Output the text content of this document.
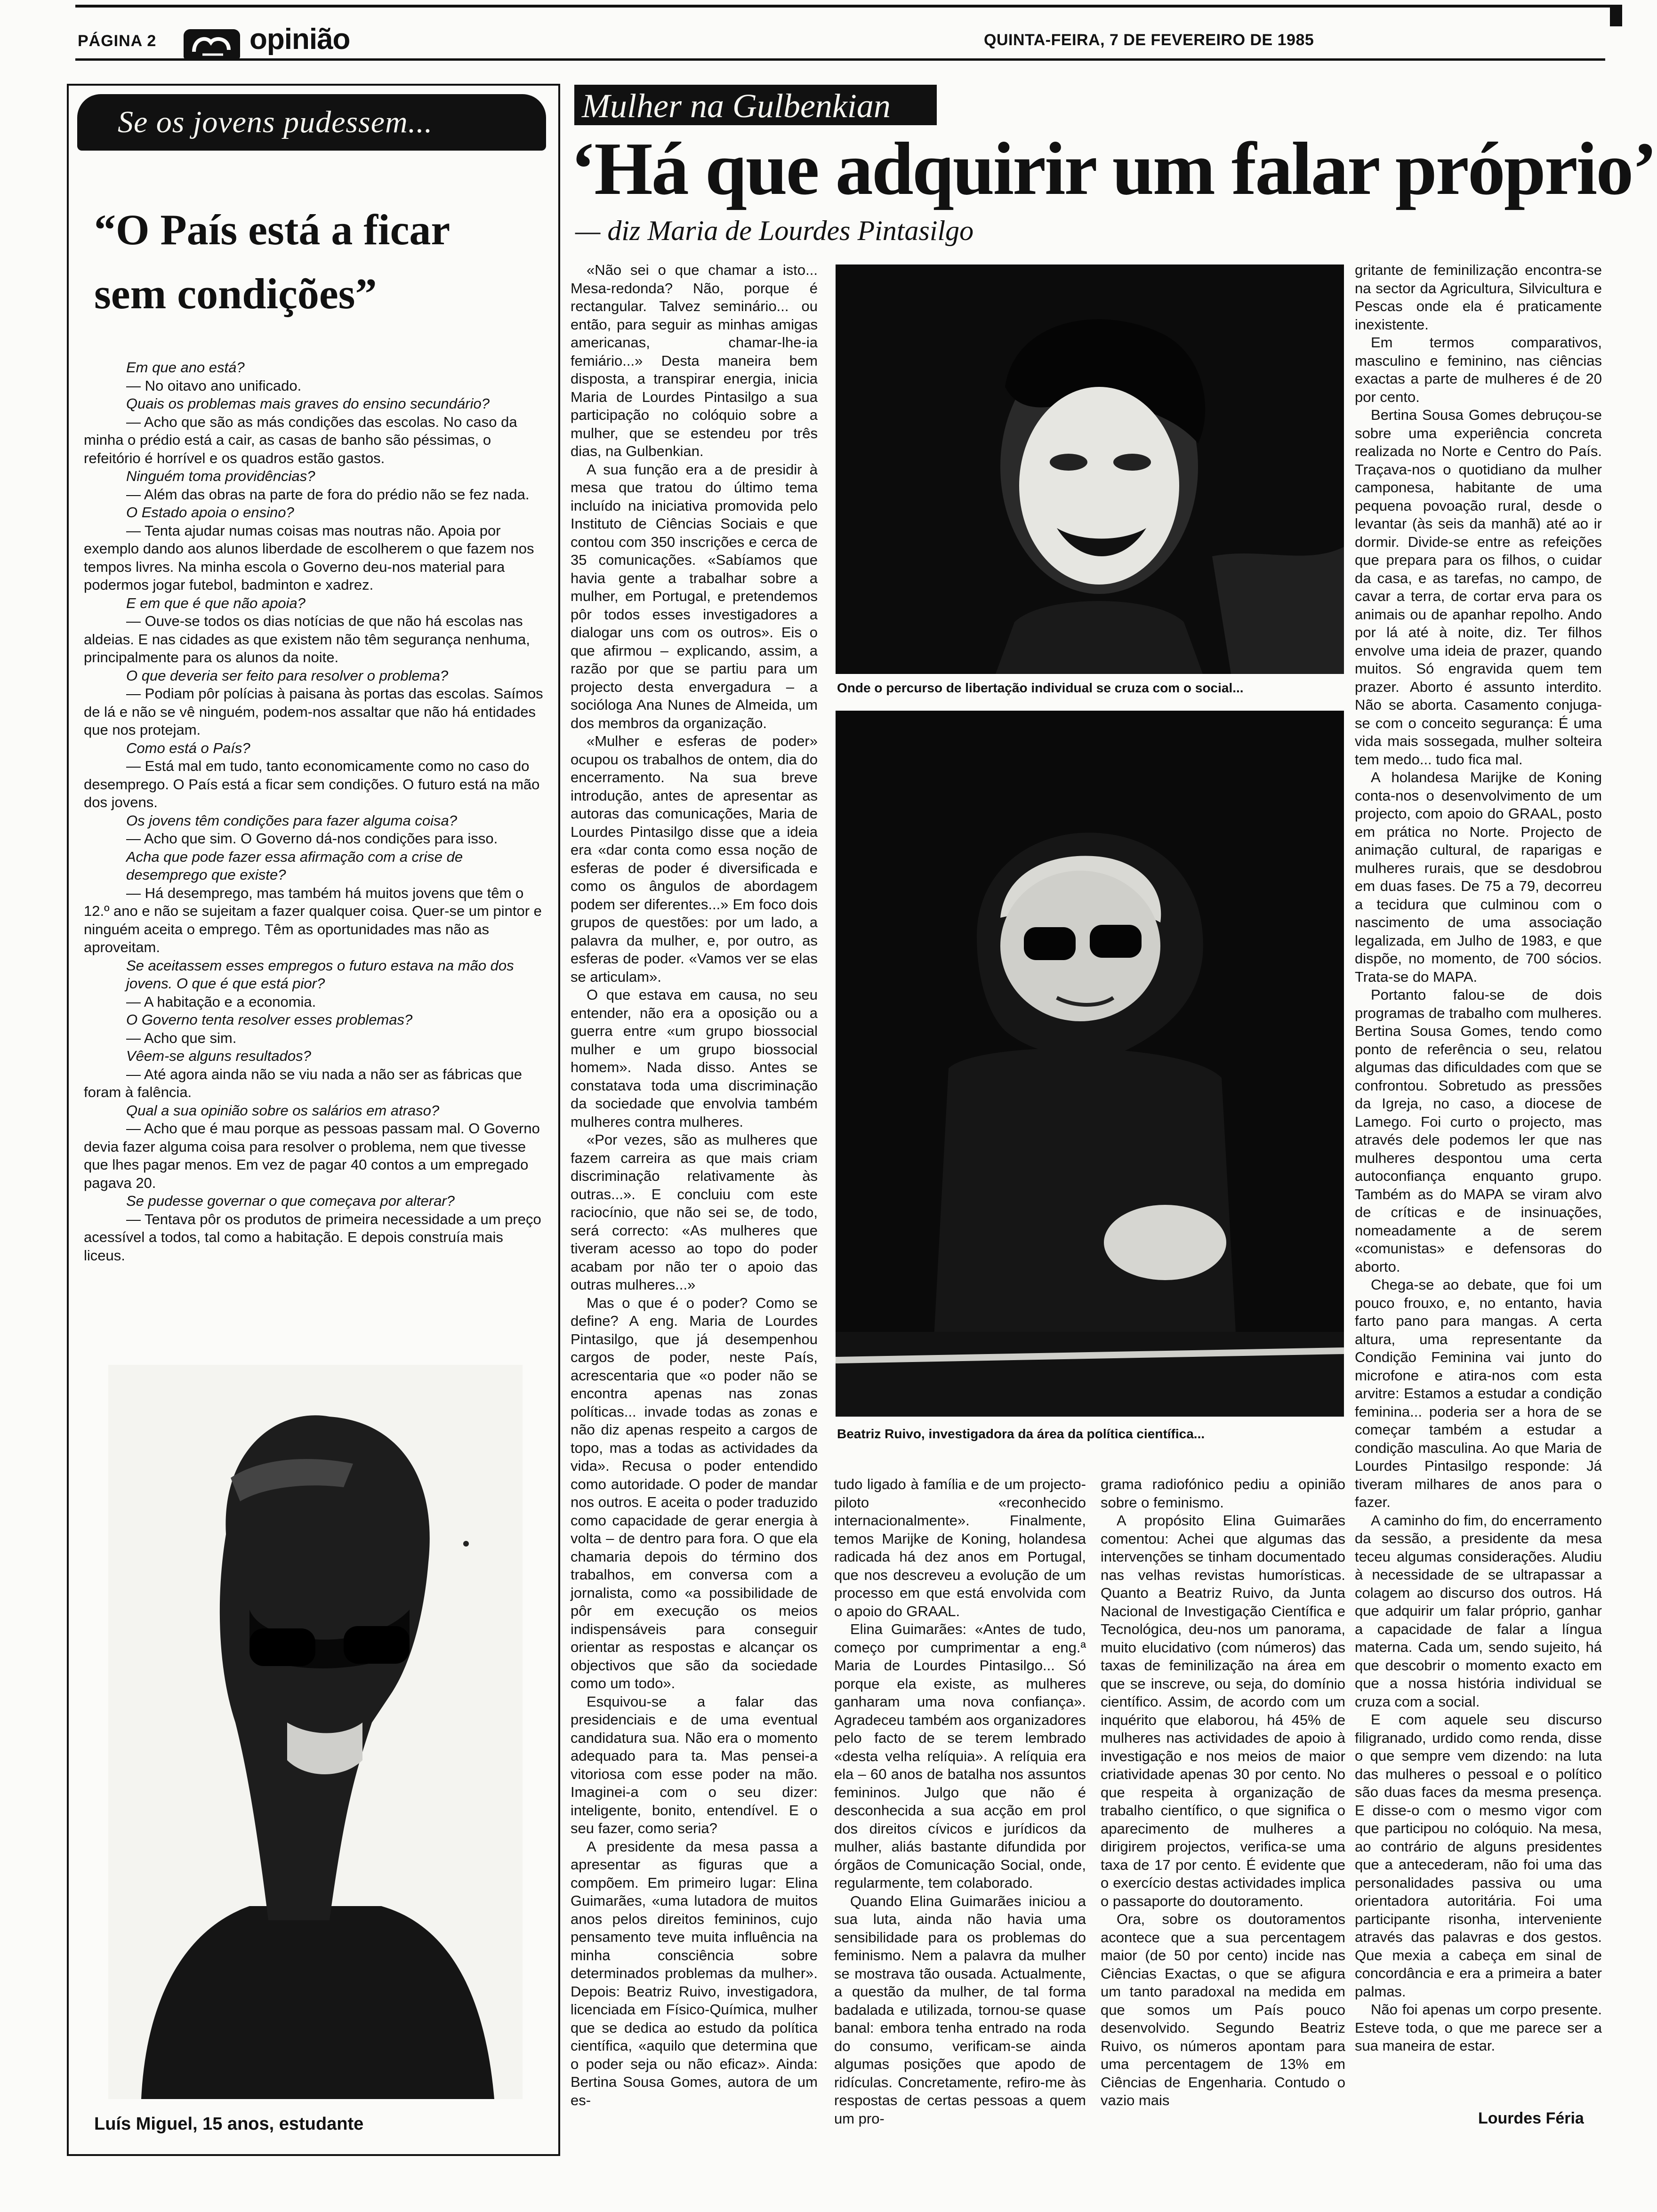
PÁGINA 2	opinião	QUINTA-FEIRA, 7 DE FEVEREIRO DE 1985
Se os jovens pudessem...
“O País está a ficar sem condições”

Em que ano está?

— No oitavo ano unificado.

Quais os problemas mais graves do ensino secundário?

— Acho que são as más condições das escolas. No caso da minha o prédio está a cair, as casas de banho são péssimas, o refeitório é horrível e os quadros estão gastos.

Ninguém toma providências?

— Além das obras na parte de fora do prédio não se fez nada.

O Estado apoia o ensino?

— Tenta ajudar numas coisas mas noutras não. Apoia por exemplo dando aos alunos liberdade de escolherem o que fazem nos tempos livres. Na minha escola o Governo deu-nos material para podermos jogar futebol, badminton e xadrez.

E em que é que não apoia?

— Ouve-se todos os dias notícias de que não há escolas nas aldeias. E nas cidades as que existem não têm segurança nenhuma, principalmente para os alunos da noite.

O que deveria ser feito para resolver o problema?

— Podiam pôr polícias à paisana às portas das escolas. Saímos de lá e não se vê ninguém, podem-nos assaltar que não há entidades que nos protejam.

Como está o País?

— Está mal em tudo, tanto economicamente como no caso do desemprego. O País está a ficar sem condições. O futuro está na mão dos jovens.

Os jovens têm condições para fazer alguma coisa?

— Acho que sim. O Governo dá-nos condições para isso.

Acha que pode fazer essa afirmação com a crise de desemprego que existe?

— Há desemprego, mas também há muitos jovens que têm o 12.º ano e não se sujeitam a fazer qualquer coisa. Quer-se um pintor e ninguém aceita o emprego. Têm as oportunidades mas não as aproveitam.

Se aceitassem esses empregos o futuro estava na mão dos jovens. O que é que está pior?

— A habitação e a economia.

O Governo tenta resolver esses problemas?

— Acho que sim.

Vêem-se alguns resultados?

— Até agora ainda não se viu nada a não ser as fábricas que foram à falência.

Qual a sua opinião sobre os salários em atraso?

— Acho que é mau porque as pessoas passam mal. O Governo devia fazer alguma coisa para resolver o problema, nem que tivesse que lhes pagar menos. Em vez de pagar 40 contos a um empregado pagava 20.

Se pudesse governar o que começava por alterar?

— Tentava pôr os produtos de primeira necessidade a um preço acessível a todos, tal como a habitação. E depois construía mais liceus.

Luís Miguel, 15 anos, estudante
Mulher na Gulbenkian
‘Há que adquirir um falar próprio’
— diz Maria de Lourdes Pintasilgo

«Não sei o que chamar a isto... Mesa-redonda? Não, porque é rectangular. Talvez seminário... ou então, para seguir as minhas amigas americanas, chamar-lhe-ia femiário...» Desta maneira bem disposta, a transpirar energia, inicia Maria de Lourdes Pintasilgo a sua participação no colóquio sobre a mulher, que se estendeu por três dias, na Gulbenkian.

A sua função era a de presidir à mesa que tratou do último tema incluído na iniciativa promovida pelo Instituto de Ciências Sociais e que contou com 350 inscrições e cerca de 35 comunicações. «Sabíamos que havia gente a trabalhar sobre a mulher, em Portugal, e pretendemos pôr todos esses investigadores a dialogar uns com os outros». Eis o que afirmou – explicando, assim, a razão por que se partiu para um projecto desta envergadura – a socióloga Ana Nunes de Almeida, um dos membros da organização.

«Mulher e esferas de poder» ocupou os trabalhos de ontem, dia do encerramento. Na sua breve introdução, antes de apresentar as autoras das comunicações, Maria de Lourdes Pintasilgo disse que a ideia era «dar conta como essa noção de esferas de poder é diversificada e como os ângulos de abordagem podem ser diferentes...» Em foco dois grupos de questões: por um lado, a palavra da mulher, e, por outro, as esferas de poder. «Vamos ver se elas se articulam».

O que estava em causa, no seu entender, não era a oposição ou a guerra entre «um grupo biossocial mulher e um grupo biossocial homem». Nada disso. Antes se constatava toda uma discriminação da sociedade que envolvia também mulheres contra mulheres.

«Por vezes, são as mulheres que fazem carreira as que mais criam discriminação relativamente às outras...». E concluiu com este raciocínio, que não sei se, de todo, será correcto: «As mulheres que tiveram acesso ao topo do poder acabam por não ter o apoio das outras mulheres...»

Mas o que é o poder? Como se define? A eng. Maria de Lourdes Pintasilgo, que já desempenhou cargos de poder, neste País, acrescentaria que «o poder não se encontra apenas nas zonas políticas... invade todas as zonas e não diz apenas respeito a cargos de topo, mas a todas as actividades da vida». Recusa o poder entendido como autoridade. O poder de mandar nos outros. E aceita o poder traduzido como capacidade de gerar energia à volta – de dentro para fora. O que ela chamaria depois do término dos trabalhos, em conversa com a jornalista, como «a possibilidade de pôr em execução os meios indispensáveis para conseguir orientar as respostas e alcançar os objectivos que são da sociedade como um todo».

Esquivou-se a falar das presidenciais e de uma eventual candidatura sua. Não era o momento adequado para ta. Mas pensei-a vitoriosa com esse poder na mão. Imaginei-a com o seu dizer: inteligente, bonito, entendível. E o seu fazer, como seria?

A presidente da mesa passa a apresentar as figuras que a compõem. Em primeiro lugar: Elina Guimarães, «uma lutadora de muitos anos pelos direitos femininos, cujo pensamento teve muita influência na minha consciência sobre determinados problemas da mulher». Depois: Beatriz Ruivo, investigadora, licenciada em Físico-Química, mulher que se dedica ao estudo da política científica, «aquilo que determina que o poder seja ou não eficaz». Ainda: Bertina Sousa Gomes, autora de um es-

tudo ligado à família e de um projecto-piloto «reconhecido internacionalmente». Finalmente, temos Marijke de Koning, holandesa radicada há dez anos em Portugal, que nos descreveu a evolução de um processo em que está envolvida com o apoio do GRAAL.

Elina Guimarães: «Antes de tudo, começo por cumprimentar a eng.ª Maria de Lourdes Pintasilgo... Só porque ela existe, as mulheres ganharam uma nova confiança». Agradeceu também aos organizadores pelo facto de se terem lembrado «desta velha relíquia». A relíquia era ela – 60 anos de batalha nos assuntos femininos. Julgo que não é desconhecida a sua acção em prol dos direitos cívicos e jurídicos da mulher, aliás bastante difundida por órgãos de Comunicação Social, onde, regularmente, tem colaborado.

Quando Elina Guimarães iniciou a sua luta, ainda não havia uma sensibilidade para os problemas do feminismo. Nem a palavra da mulher se mostrava tão ousada. Actualmente, a questão da mulher, de tal forma badalada e utilizada, tornou-se quase banal: embora tenha entrado na roda do consumo, verificam-se ainda algumas posições que apodo de ridículas. Concretamente, refiro-me às respostas de certas pessoas a quem um pro-

grama radiofónico pediu a opinião sobre o feminismo.

A propósito Elina Guimarães comentou: Achei que algumas das intervenções se tinham documentado nas velhas revistas humorísticas. Quanto a Beatriz Ruivo, da Junta Nacional de Investigação Científica e Tecnológica, deu-nos um panorama, muito elucidativo (com números) das taxas de feminilização na área em que se inscreve, ou seja, do domínio científico. Assim, de acordo com um inquérito que elaborou, há 45% de mulheres nas actividades de apoio à investigação e nos meios de maior criatividade apenas 30 por cento. No que respeita à organização de trabalho científico, o que significa o aparecimento de mulheres a dirigirem projectos, verifica-se uma taxa de 17 por cento. É evidente que o exercício destas actividades implica o passaporte do doutoramento.

Ora, sobre os doutoramentos acontece que a sua percentagem maior (de 50 por cento) incide nas Ciências Exactas, o que se afigura um tanto paradoxal na medida em que somos um País pouco desenvolvido. Segundo Beatriz Ruivo, os números apontam para uma percentagem de 13% em Ciências de Engenharia. Contudo o vazio mais

gritante de feminilização encontra-se na sector da Agricultura, Silvicultura e Pescas onde ela é praticamente inexistente.

Em termos comparativos, masculino e feminino, nas ciências exactas a parte de mulheres é de 20 por cento.

Bertina Sousa Gomes debruçou-se sobre uma experiência concreta realizada no Norte e Centro do País. Traçava-nos o quotidiano da mulher camponesa, habitante de uma pequena povoação rural, desde o levantar (às seis da manhã) até ao ir dormir. Divide-se entre as refeições que prepara para os filhos, o cuidar da casa, e as tarefas, no campo, de cavar a terra, de cortar erva para os animais ou de apanhar repolho. Ando por lá até à noite, diz. Ter filhos envolve uma ideia de prazer, quando muitos. Só engravida quem tem prazer. Aborto é assunto interdito. Não se aborta. Casamento conjuga-se com o conceito segurança: É uma vida mais sossegada, mulher solteira tem medo... tudo fica mal.

A holandesa Marijke de Koning conta-nos o desenvolvimento de um projecto, com apoio do GRAAL, posto em prática no Norte. Projecto de animação cultural, de raparigas e mulheres rurais, que se desdobrou em duas fases. De 75 a 79, decorreu a tecidura que culminou com o nascimento de uma associação legalizada, em Julho de 1983, e que dispõe, no momento, de 700 sócios. Trata-se do MAPA.

Portanto falou-se de dois programas de trabalho com mulheres. Bertina Sousa Gomes, tendo como ponto de referência o seu, relatou algumas das dificuldades com que se confrontou. Sobretudo as pressões da Igreja, no caso, a diocese de Lamego. Foi curto o projecto, mas através dele podemos ler que nas mulheres despontou uma certa autoconfiança enquanto grupo. Também as do MAPA se viram alvo de críticas e de insinuações, nomeadamente a de serem «comunistas» e defensoras do aborto.

Chega-se ao debate, que foi um pouco frouxo, e, no entanto, havia farto pano para mangas. A certa altura, uma representante da Condição Feminina vai junto do microfone e atira-nos com esta arvitre: Estamos a estudar a condição feminina... poderia ser a hora de se começar também a estudar a condição masculina. Ao que Maria de Lourdes Pintasilgo responde: Já tiveram milhares de anos para o fazer.

A caminho do fim, do encerramento da sessão, a presidente da mesa teceu algumas considerações. Aludiu à necessidade de se ultrapassar a colagem ao discurso dos outros. Há que adquirir um falar próprio, ganhar a capacidade de falar a língua materna. Cada um, sendo sujeito, há que descobrir o momento exacto em que a nossa história individual se cruza com a social.

E com aquele seu discurso filigranado, urdido como renda, disse o que sempre vem dizendo: na luta das mulheres o pessoal e o político são duas faces da mesma presença. E disse-o com o mesmo vigor com que participou no colóquio. Na mesa, ao contrário de alguns presidentes que a antecederam, não foi uma das personalidades passiva ou uma orientadora autoritária. Foi uma participante risonha, interveniente através das palavras e dos gestos. Que mexia a cabeça em sinal de concordância e era a primeira a bater palmas.

Não foi apenas um corpo presente. Esteve toda, o que me parece ser a sua maneira de estar.

Lourdes Féria
Onde o percurso de libertação individual se cruza com o social...
Beatriz Ruivo, investigadora da área da política científica...
